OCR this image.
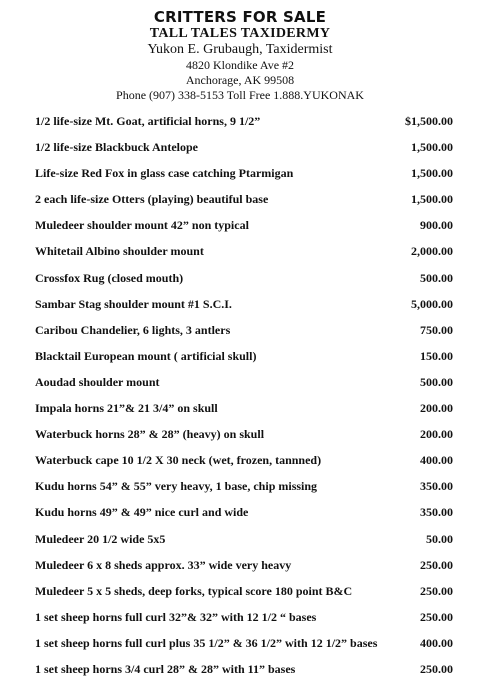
CRITTERS FOR SALE
TALL TALES TAXIDERMY
Yukon E. Grubaugh, Taxidermist
4820 Klondike Ave #2
Anchorage, AK 99508
Phone (907) 338-5153 Toll Free 1.888.YUKONAK
1/2 life-size Mt. Goat, artificial horns, 9 1/2”	$1,500.00
1/2 life-size Blackbuck Antelope	1,500.00
Life-size Red Fox in glass case catching Ptarmigan	1,500.00
2 each life-size Otters (playing) beautiful base	1,500.00
Muledeer shoulder mount 42” non typical	900.00
Whitetail Albino shoulder mount	2,000.00
Crossfox Rug (closed mouth)	500.00
Sambar Stag shoulder mount #1 S.C.I.	5,000.00
Caribou Chandelier, 6 lights, 3 antlers	750.00
Blacktail European mount ( artificial skull)	150.00
Aoudad shoulder mount	500.00
Impala horns 21”& 21 3/4” on skull	200.00
Waterbuck horns 28” & 28” (heavy) on skull	200.00
Waterbuck cape 10 1/2 X 30 neck (wet, frozen, tannned)	400.00
Kudu horns 54” & 55” very heavy, 1 base, chip missing	350.00
Kudu horns 49” & 49” nice curl and wide	350.00
Muledeer 20 1/2 wide 5x5	50.00
Muledeer 6 x 8 sheds approx. 33” wide very heavy	250.00
Muledeer 5 x 5 sheds, deep forks, typical score 180 point B&C	250.00
1 set sheep horns full curl 32”& 32” with 12 1/2 “ bases	250.00
1 set sheep horns full curl plus 35 1/2” & 36 1/2” with 12 1/2” bases	400.00
1 set sheep horns 3/4 curl 28” & 28” with 11” bases	250.00
